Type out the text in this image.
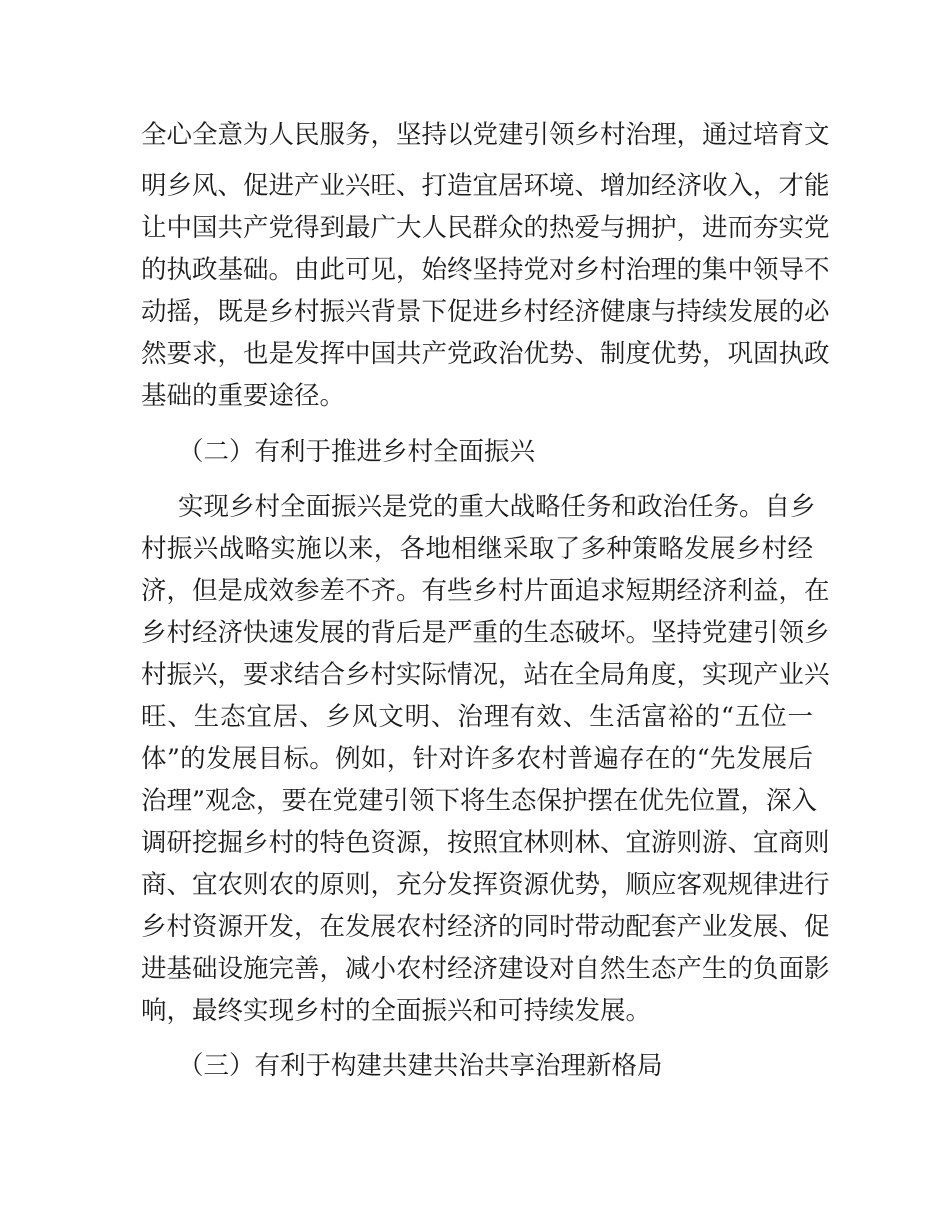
全心全意为人民服务，坚持以党建引领乡村治理，通过培育文
明乡风、促进产业兴旺、打造宜居环境、增加经济收入，才能
让中国共产党得到最广大人民群众的热爱与拥护，进而夯实党
的执政基础。由此可见，始终坚持党对乡村治理的集中领导不
动摇，既是乡村振兴背景下促进乡村经济健康与持续发展的必
然要求，也是发挥中国共产党政治优势、制度优势，巩固执政
基础的重要途径。
（二）有利于推进乡村全面振兴
实现乡村全面振兴是党的重大战略任务和政治任务。自乡
村振兴战略实施以来，各地相继采取了多种策略发展乡村经
济，但是成效参差不齐。有些乡村片面追求短期经济利益，在
乡村经济快速发展的背后是严重的生态破坏。坚持党建引领乡
村振兴，要求结合乡村实际情况，站在全局角度，实现产业兴
旺、生态宜居、乡风文明、治理有效、生活富裕的“五位一
体”的发展目标。例如，针对许多农村普遍存在的“先发展后
治理”观念，要在党建引领下将生态保护摆在优先位置，深入
调研挖掘乡村的特色资源，按照宜林则林、宜游则游、宜商则
商、宜农则农的原则，充分发挥资源优势，顺应客观规律进行
乡村资源开发，在发展农村经济的同时带动配套产业发展、促
进基础设施完善，减小农村经济建设对自然生态产生的负面影
响，最终实现乡村的全面振兴和可持续发展。
（三）有利于构建共建共治共享治理新格局
